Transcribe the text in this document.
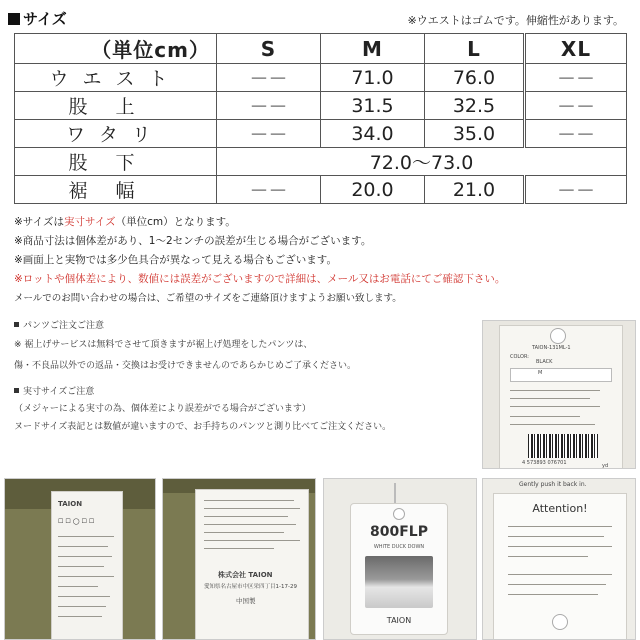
サイズ	※ウエストはゴムです。伸縮性があります。
（単位cm）	S	M	L	XL
ウエスト	－－	71.0	76.0	－－
股上	－－	31.5	32.5	－－
ワタリ	－－	34.0	35.0	－－
股下	72.0～73.0			
裾幅	－－	20.0	21.0	－－
※サイズは実寸サイズ（単位cm）となります。
※商品寸法は個体差があり、1～2センチの誤差が生じる場合がございます。
※画面上と実物では多少色具合が異なって見える場合もございます。
※ロットや個体差により、数値には誤差がございますので詳細は、メール又はお電話にてご確認下さい。
メールでのお問い合わせの場合は、ご希望のサイズをご連絡頂けますようお願い致します。
パンツご注文ご注意
※ 裾上げサービスは無料でさせて頂きますが裾上げ処理をしたパンツは、
傷・不良品以外での返品・交換はお受けできませんのであらかじめご了承ください。
実寸サイズご注意
（メジャーによる実寸の為、個体差により誤差がでる場合がございます）
ヌードサイズ表記とは数値が違いますので、お手持ちのパンツと測り比べてご注文ください。
TAION-131ML-1
COLOR:
BLACK
M
4 573893 076701	yd
TAION
☐☐◯☐☐
株式会社 TAION
愛知県名古屋市中区栄四丁目1-17-29
中国製
800FLP
WHITE DUCK DOWN
TAION
Gently push it back in.
Attention!
